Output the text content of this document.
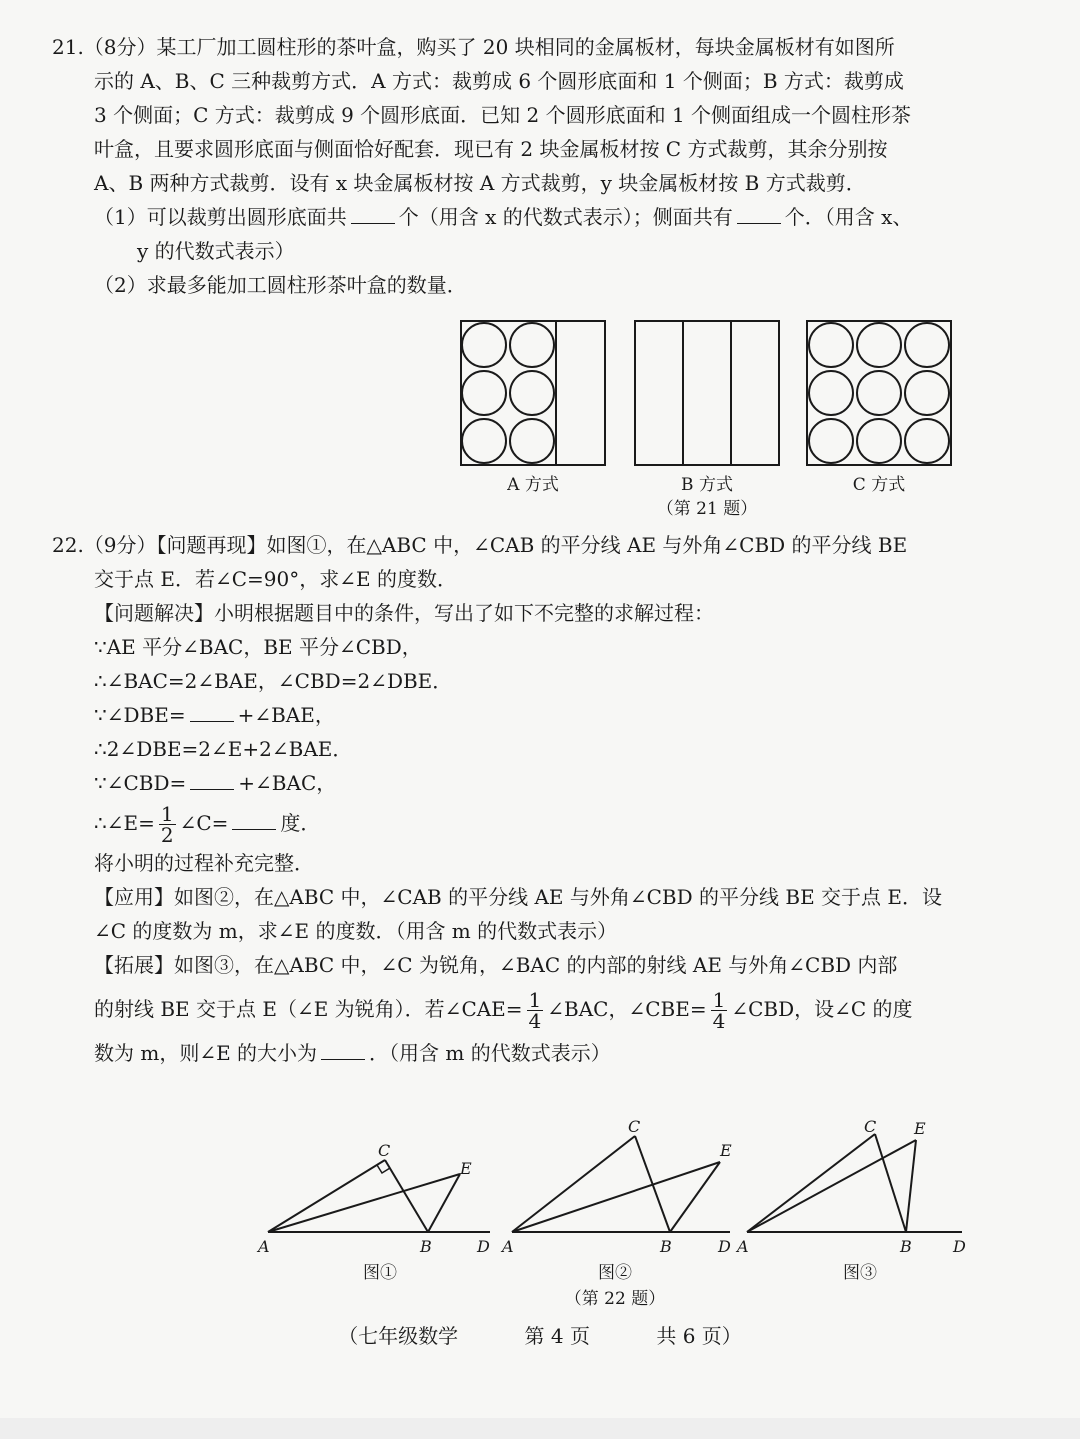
21.（8分）某工厂加工圆柱形的茶叶盒，购买了 20 块相同的金属板材，每块金属板材有如图所

示的 A、B、C 三种裁剪方式．A 方式：裁剪成 6 个圆形底面和 1 个侧面；B 方式：裁剪成

3 个侧面；C 方式：裁剪成 9 个圆形底面．已知 2 个圆形底面和 1 个侧面组成一个圆柱形茶

叶盒，且要求圆形底面与侧面恰好配套．现已有 2 块金属板材按 C 方式裁剪，其余分别按

A、B 两种方式裁剪．设有 x 块金属板材按 A 方式裁剪，y 块金属板材按 B 方式裁剪．

（1）可以裁剪出圆形底面共	个（用含 x 的代数式表示）；侧面共有	个．（用含 x、

y 的代数式表示）

（2）求最多能加工圆柱形茶叶盒的数量．

A 方式	B 方式	C 方式
（第 21 题）

22.（9分）【问题再现】如图①，在△ABC 中，∠CAB 的平分线 AE 与外角∠CBD 的平分线 BE

交于点 E．若∠C=90°，求∠E 的度数．

【问题解决】小明根据题目中的条件，写出了如下不完整的求解过程：

∵AE 平分∠BAC，BE 平分∠CBD，

∴∠BAC=2∠BAE，∠CBD=2∠DBE．

∵∠DBE=	+∠BAE，

∴2∠DBE=2∠E+2∠BAE．

∵∠CBD=	+∠BAC，

∴∠E= $\frac{1}{2}$ ∠C=	度．

将小明的过程补充完整．

【应用】如图②，在△ABC 中，∠CAB 的平分线 AE 与外角∠CBD 的平分线 BE 交于点 E．设

∠C 的度数为 m，求∠E 的度数．（用含 m 的代数式表示）

【拓展】如图③，在△ABC 中，∠C 为锐角，∠BAC 的内部的射线 AE 与外角∠CBD 内部

的射线 BE 交于点 E（∠E 为锐角）．若∠CAE= $\frac{1}{4}$ ∠BAC，∠CBE= $\frac{1}{4}$ ∠CBD，设∠C 的度

数为 m，则∠E 的大小为	．（用含 m 的代数式表示）

A	B
C
D
E
A	B
C
D
E
A	B
C
D
E
图①	图②	图③
（第 22 题）
（七年级数学	第 4 页	共 6 页）
